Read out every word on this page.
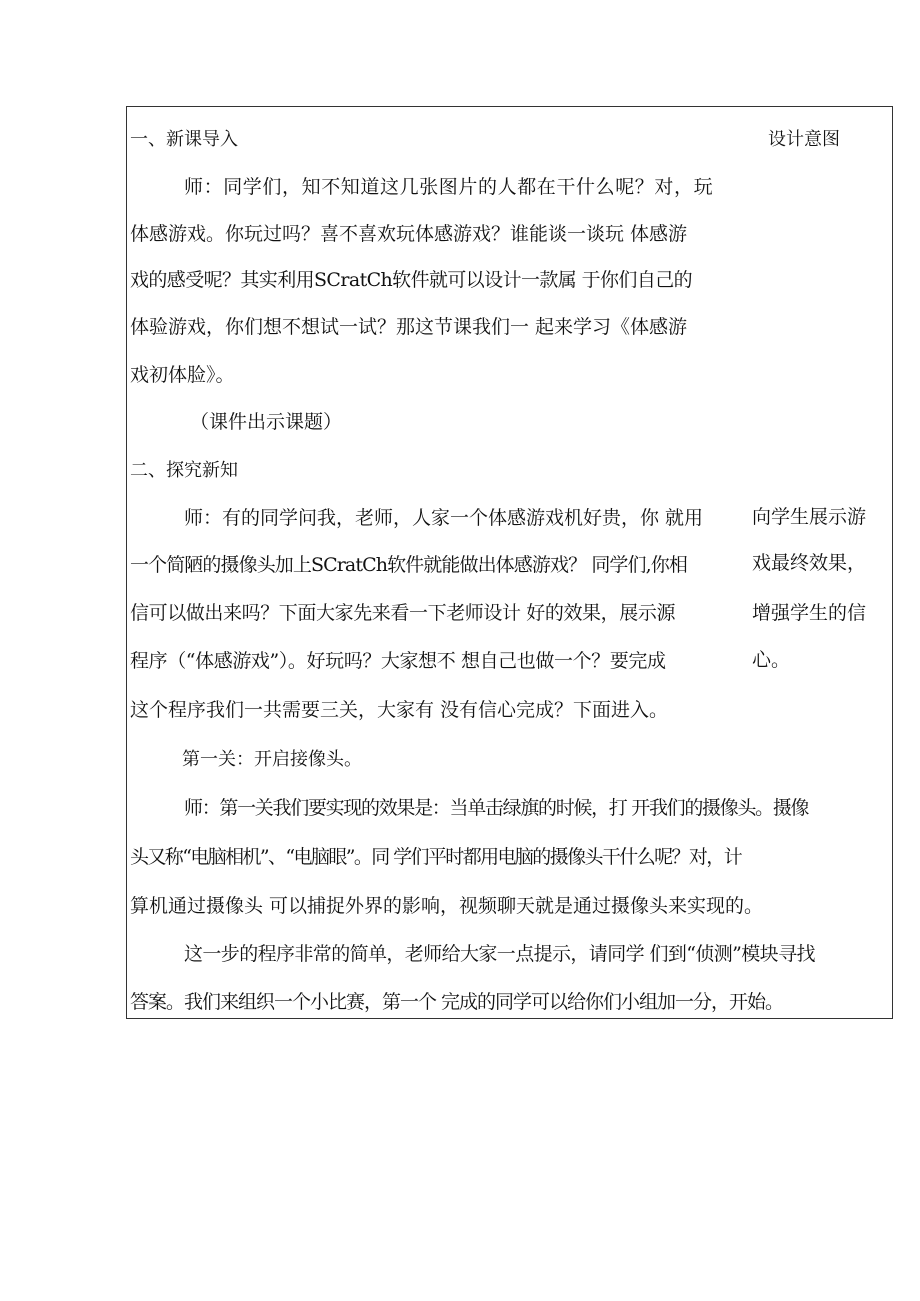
一、新课导入	设计意图
师：同学们，知不知道这几张图片的人都在干什么呢？对，玩
体感游戏。你玩过吗？喜不喜欢玩体感游戏？谁能谈一谈玩 体感游
戏的感受呢？其实利用SCratCh软件就可以设计一款属 于你们自己的
体验游戏，你们想不想试一试？那这节课我们一 起来学习《体感游
戏初体脸》。
（课件出示课题）
二、探究新知
师：有的同学问我，老师，人家一个体感游戏机好贵，你 就用
一个简陋的摄像头加上SCratCh软件就能做出体感游戏？ 同学们,你相
信可以做出来吗？下面大家先来看一下老师设计 好的效果，展示源
程序（“体感游戏”）。好玩吗？大家想不 想自己也做一个？要完成
这个程序我们一共需要三关，大家有 没有信心完成？下面进入。
向学生展示游
戏最终效果，
增强学生的信
心。
第一关：开启接像头。
师：第一关我们要实现的效果是：当单击绿旗的时候，打 开我们的摄像头。摄像
头又称“电脑相机”、“电脑眼”。同 学们平时都用电脑的摄像头干什么呢？对，计
算机通过摄像头 可以捕捉外界的影响，视频聊天就是通过摄像头来实现的。
这一步的程序非常的简单，老师给大家一点提示，请同学 们到“侦测”模块寻找
答案。我们来组织一个小比赛，第一个 完成的同学可以给你们小组加一分，开始。
